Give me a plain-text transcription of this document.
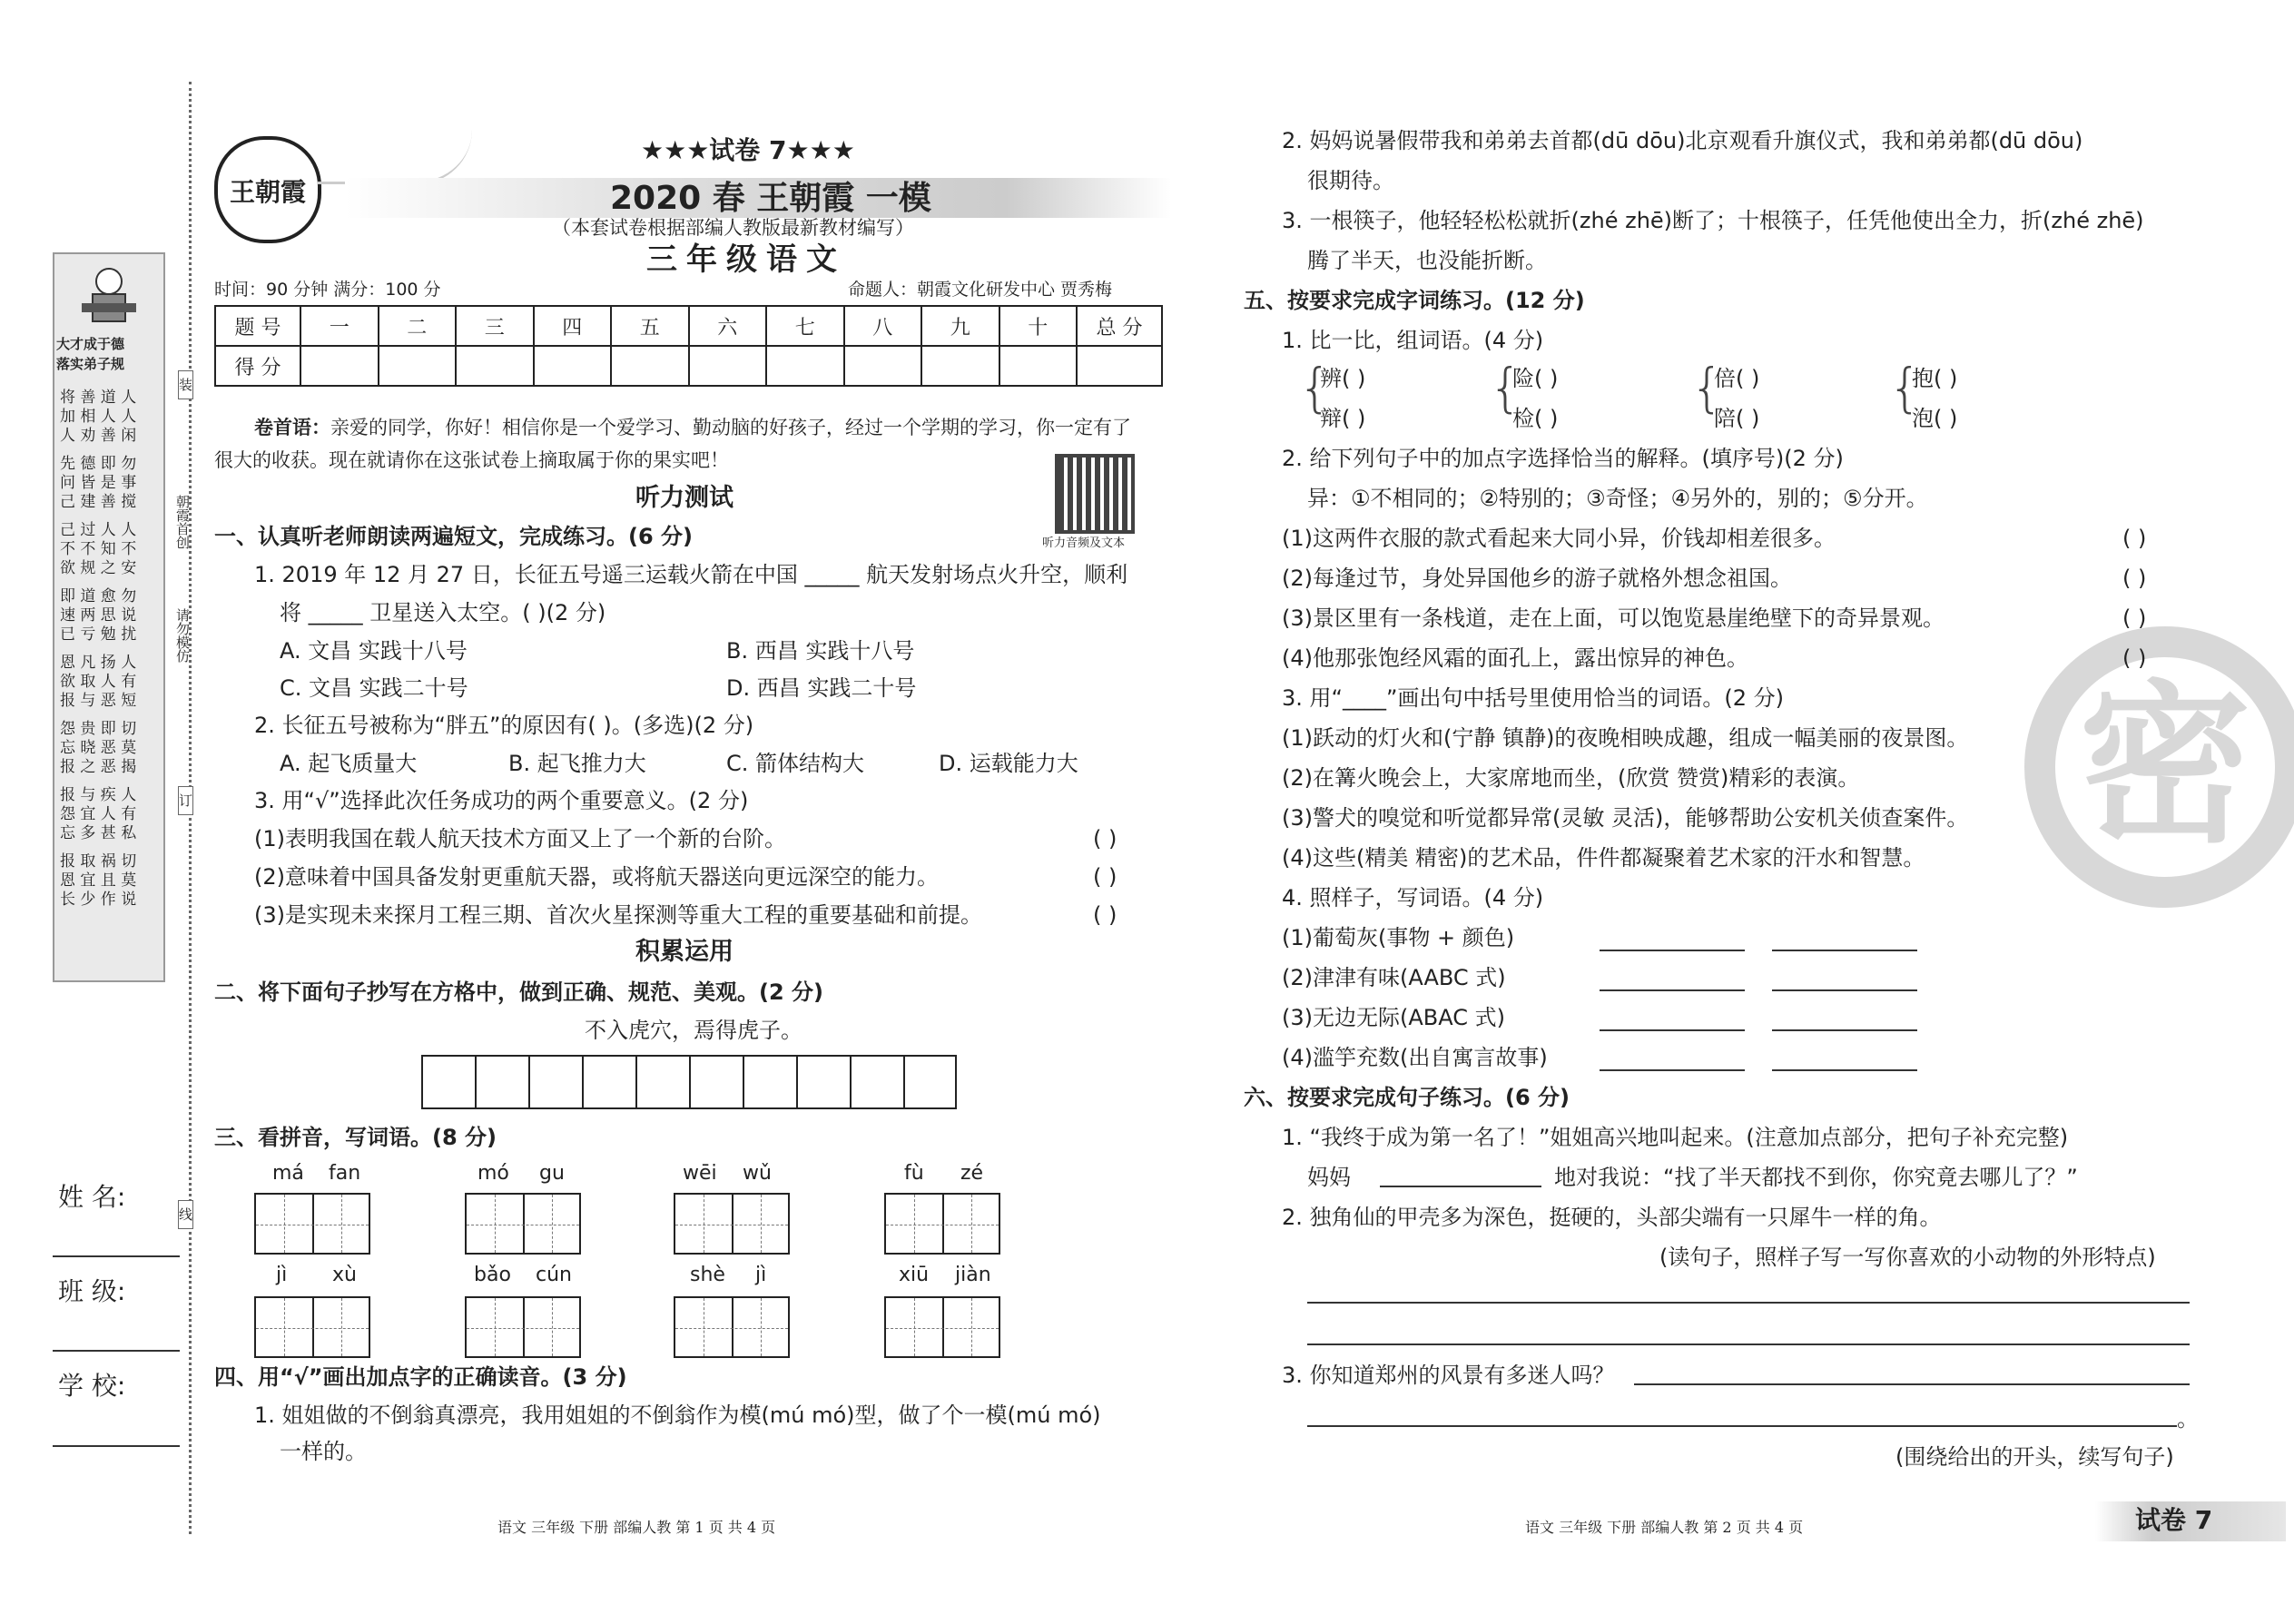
大才成于德
落实弟子规
将 善 道 人
加 相 人 人
人 劝 善 闲
先 德 即 勿
问 皆 是 事
己 建 善 搅
己 过 人 人
不 不 知 不
欲 规 之 安
即 道 愈 勿
速 两 思 说
已 亏 勉 扰
恩 凡 扬 人
欲 取 人 有
报 与 恶 短
怨 贵 即 切
忘 晓 恶 莫
报 之 恶 揭
报 与 疾 人
怨 宜 人 有
忘 多 甚 私
报 取 祸 切
恩 宜 且 莫
长 少 作 说
朝霞首创
请勿模仿
装
订
线
姓 名:
班 级:
学 校:
王朝霞
★★★试卷 7★★★
2020 春 王朝霞 一模
（本套试卷根据部编人教版最新教材编写）
三年级语文
时间：90 分钟 满分：100 分	命题人：朝霞文化研发中心 贾秀梅
题 号	一	二	三	四	五	六	七	八	九	十	总 分
得 分											
卷首语：亲爱的同学，你好！相信你是一个爱学习、勤动脑的好孩子，经过一个学期的学习，你一定有了
很大的收获。现在就请你在这张试卷上摘取属于你的果实吧！
听力音频及文本
听力测试
一、认真听老师朗读两遍短文，完成练习。(6 分)
1. 2019 年 12 月 27 日，长征五号遥三运载火箭在中国 _____ 航天发射场点火升空，顺利
将 _____ 卫星送入太空。( )(2 分)
A. 文昌 实践十八号	B. 西昌 实践十八号
C. 文昌 实践二十号	D. 西昌 实践二十号
2. 长征五号被称为“胖五”的原因有( )。(多选)(2 分)
A. 起飞质量大	B. 起飞推力大	C. 箭体结构大	D. 运载能力大
3. 用“√”选择此次任务成功的两个重要意义。(2 分)
(1)表明我国在载人航天技术方面又上了一个新的台阶。	( )
(2)意味着中国具备发射更重航天器，或将航天器送向更远深空的能力。	( )
(3)是实现未来探月工程三期、首次火星探测等重大工程的重要基础和前提。	( )
积累运用
二、将下面句子抄写在方格中，做到正确、规范、美观。(2 分)
不入虎穴，焉得虎子。
三、看拼音，写词语。(8 分)
má fan	mó gu	wēi wǔ	fù zé
jì xù	bǎo cún	shè jì	xiū jiàn
四、用“√”画出加点字的正确读音。(3 分)
1. 姐姐做的不倒翁真漂亮，我用姐姐的不倒翁作为模(mú mó)型，做了个一模(mú mó)
一样的。
语文 三年级 下册 部编人教 第 1 页 共 4 页
密
2. 妈妈说暑假带我和弟弟去首都(dū dōu)北京观看升旗仪式，我和弟弟都(dū dōu)
很期待。
3. 一根筷子，他轻轻松松就折(zhé zhē)断了；十根筷子，任凭他使出全力，折(zhé zhē)
腾了半天，也没能折断。
五、按要求完成字词练习。(12 分)
1. 比一比，组词语。(4 分)
{
辨( )
辩( ) {
险( )
检( )	{
倍( )
陪( ) {
抱( )
泡( )
2. 给下列句子中的加点字选择恰当的解释。(填序号)(2 分)
异：①不相同的；②特别的；③奇怪；④另外的，别的；⑤分开。
(1)这两件衣服的款式看起来大同小异，价钱却相差很多。	( )
(2)每逢过节，身处异国他乡的游子就格外想念祖国。	( )
(3)景区里有一条栈道，走在上面，可以饱览悬崖绝壁下的奇异景观。	( )
(4)他那张饱经风霜的面孔上，露出惊异的神色。	( )
3. 用“____”画出句中括号里使用恰当的词语。(2 分)
(1)跃动的灯火和(宁静 镇静)的夜晚相映成趣，组成一幅美丽的夜景图。
(2)在篝火晚会上，大家席地而坐，(欣赏 赞赏)精彩的表演。
(3)警犬的嗅觉和听觉都异常(灵敏 灵活)，能够帮助公安机关侦查案件。
(4)这些(精美 精密)的艺术品，件件都凝聚着艺术家的汗水和智慧。
4. 照样子，写词语。(4 分)
(1)葡萄灰(事物 + 颜色)
(2)津津有味(AABC 式)
(3)无边无际(ABAC 式)
(4)滥竽充数(出自寓言故事)
六、按要求完成句子练习。(6 分)
1. “我终于成为第一名了！”姐姐高兴地叫起来。(注意加点部分，把句子补充完整)
妈妈	地对我说：“找了半天都找不到你，你究竟去哪儿了？”
2. 独角仙的甲壳多为深色，挺硬的，头部尖端有一只犀牛一样的角。
(读句子，照样子写一写你喜欢的小动物的外形特点)
3. 你知道郑州的风景有多迷人吗？
。
(围绕给出的开头，续写句子)
语文 三年级 下册 部编人教 第 2 页 共 4 页	试卷 7
